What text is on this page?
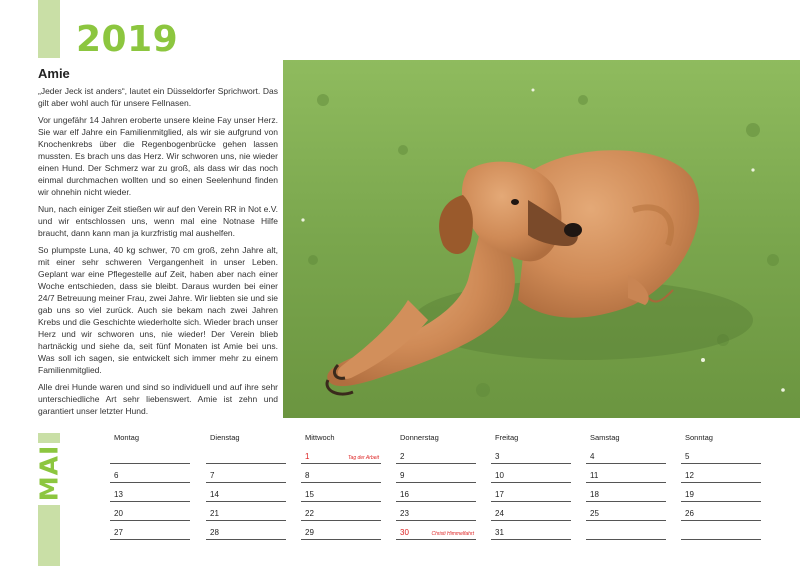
2019
MAI
Amie

„Jeder Jeck ist anders“, lautet ein Düsseldorfer Sprichwort. Das gilt aber wohl auch für unsere Fellnasen.

Vor ungefähr 14 Jahren eroberte unsere kleine Fay unser Herz. Sie war elf Jahre ein Familienmitglied, als wir sie aufgrund von Knochenkrebs über die Regenbogenbrücke gehen lassen mussten. Es brach uns das Herz. Wir schworen uns, nie wieder einen Hund. Der Schmerz war zu groß, als dass wir das noch einmal durchmachen wollten und so einen Seelenhund finden wir ohnehin nicht wieder.

Nun, nach einiger Zeit stießen wir auf den Verein RR in Not e.V. und wir entschlossen uns, wenn mal eine Notnase Hilfe braucht, dann kann man ja kurzfristig mal aushelfen.

So plumpste Luna, 40 kg schwer, 70 cm groß, zehn Jahre alt, mit einer sehr schweren Vergangenheit in unser Leben. Geplant war eine Pflegestelle auf Zeit, haben aber nach einer Woche entschieden, dass sie bleibt. Daraus wurden bei einer 24/7 Betreuung meiner Frau, zwei Jahre. Wir liebten sie und sie gab uns so viel zurück. Auch sie bekam nach zwei Jahren Krebs und die Geschichte wiederholte sich. Wieder brach unser Herz und wir schworen uns, nie wieder! Der Verein blieb hartnäckig und siehe da, seit fünf Monaten ist Amie bei uns. Was soll ich sagen, sie entwickelt sich immer mehr zu einem Familienmitglied.

Alle drei Hunde waren und sind so individuell und auf ihre sehr unterschiedliche Art sehr liebenswert. Amie ist zehn und garantiert unser letzter Hund.

Montag
6
13
20
27
Dienstag
7
14
21
28
Mittwoch
1	Tag der Arbeit
8
15
22
29
Donnerstag
2
9
16
23
30	Christi Himmelfahrt
Freitag
3
10
17
24
31
Samstag
4
11
18
25
Sonntag
5
12
19
26
